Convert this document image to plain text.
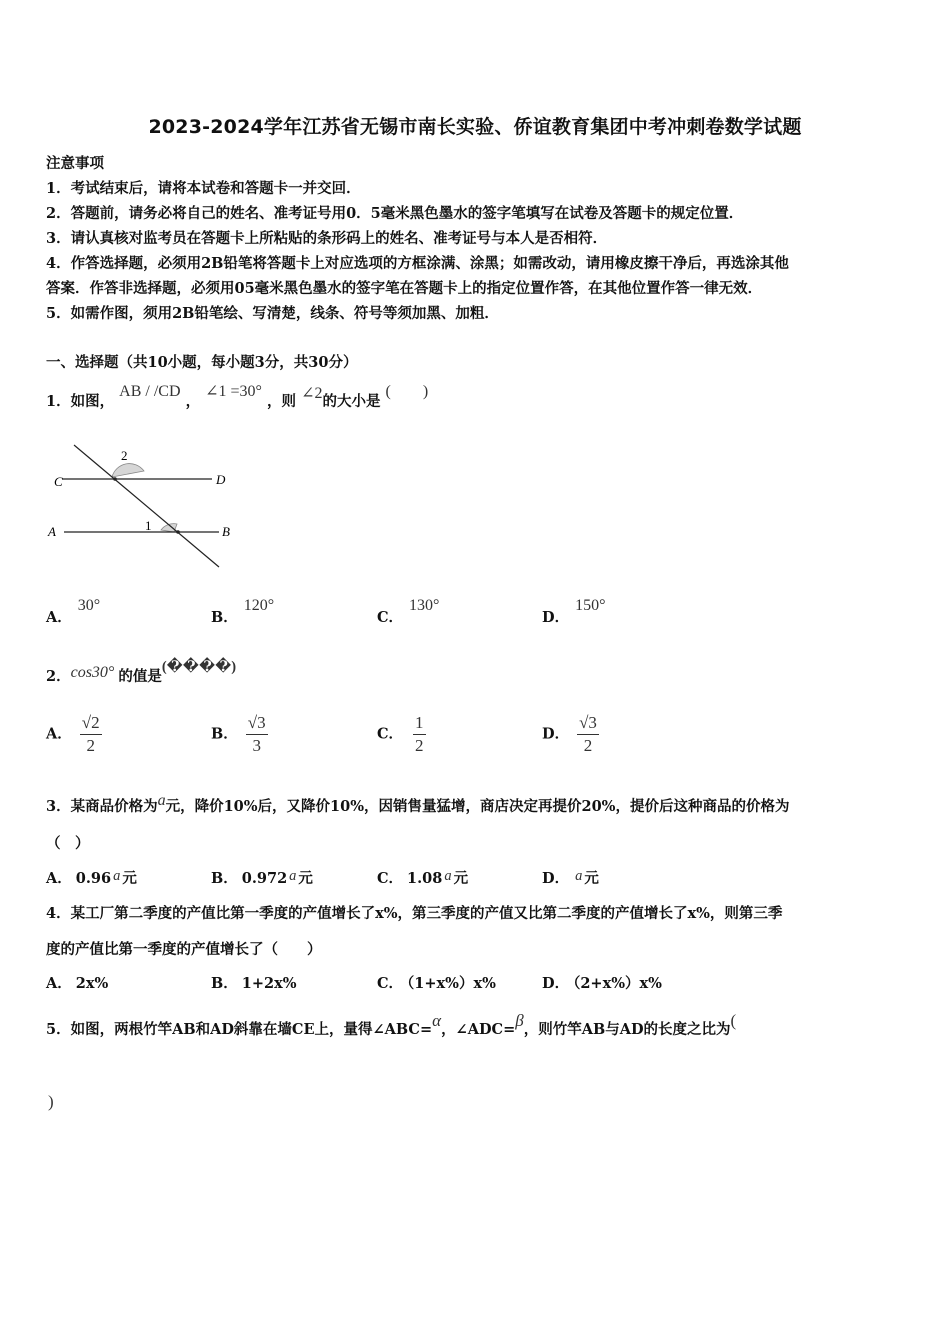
2023-2024学年江苏省无锡市南长实验、侨谊教育集团中考冲刺卷数学试题
注意事项
1．考试结束后，请将本试卷和答题卡一并交回．
2．答题前，请务必将自己的姓名、准考证号用0．5毫米黑色墨水的签字笔填写在试卷及答题卡的规定位置．
3．请认真核对监考员在答题卡上所粘贴的条形码上的姓名、准考证号与本人是否相符．
4．作答选择题，必须用2B铅笔将答题卡上对应选项的方框涂满、涂黑；如需改动，请用橡皮擦干净后，再选涂其他
答案．作答非选择题，必须用05毫米黑色墨水的签字笔在答题卡上的指定位置作答，在其他位置作答一律无效．
5．如需作图，须用2B铅笔绘、写清楚，线条、符号等须加黑、加粗．
一、选择题（共10小题，每小题3分，共30分）
1．如图， AB / /CD ， ∠1 =30° ，则 ∠2的大小是 (　　)
2
C	D
1
A	B
A．30°
B．120°
C．130°
D．150°
2．cos30° 的值是(����)
A． $\frac{√2}{2}$	B． $\frac{√3}{3}$	C． $\frac{1}{2}$	D． $\frac{√3}{2}$
3．某商品价格为a元，降价10%后，又降价10%，因销售量猛增，商店决定再提价20%，提价后这种商品的价格为
（　）
A． 0.96 a 元	B． 0.972 a 元	C． 1.08 a 元	D． a 元
4．某工厂第二季度的产值比第一季度的产值增长了x%，第三季度的产值又比第二季度的产值增长了x%，则第三季
度的产值比第一季度的产值增长了（　　）
A． 2x%	B． 1+2x%	C． （1+x%）x%	D． （2+x%）x%
5．如图，两根竹竿AB和AD斜靠在墙CE上，量得∠ABC=α，∠ADC=β，则竹竿AB与AD的长度之比为(
)
